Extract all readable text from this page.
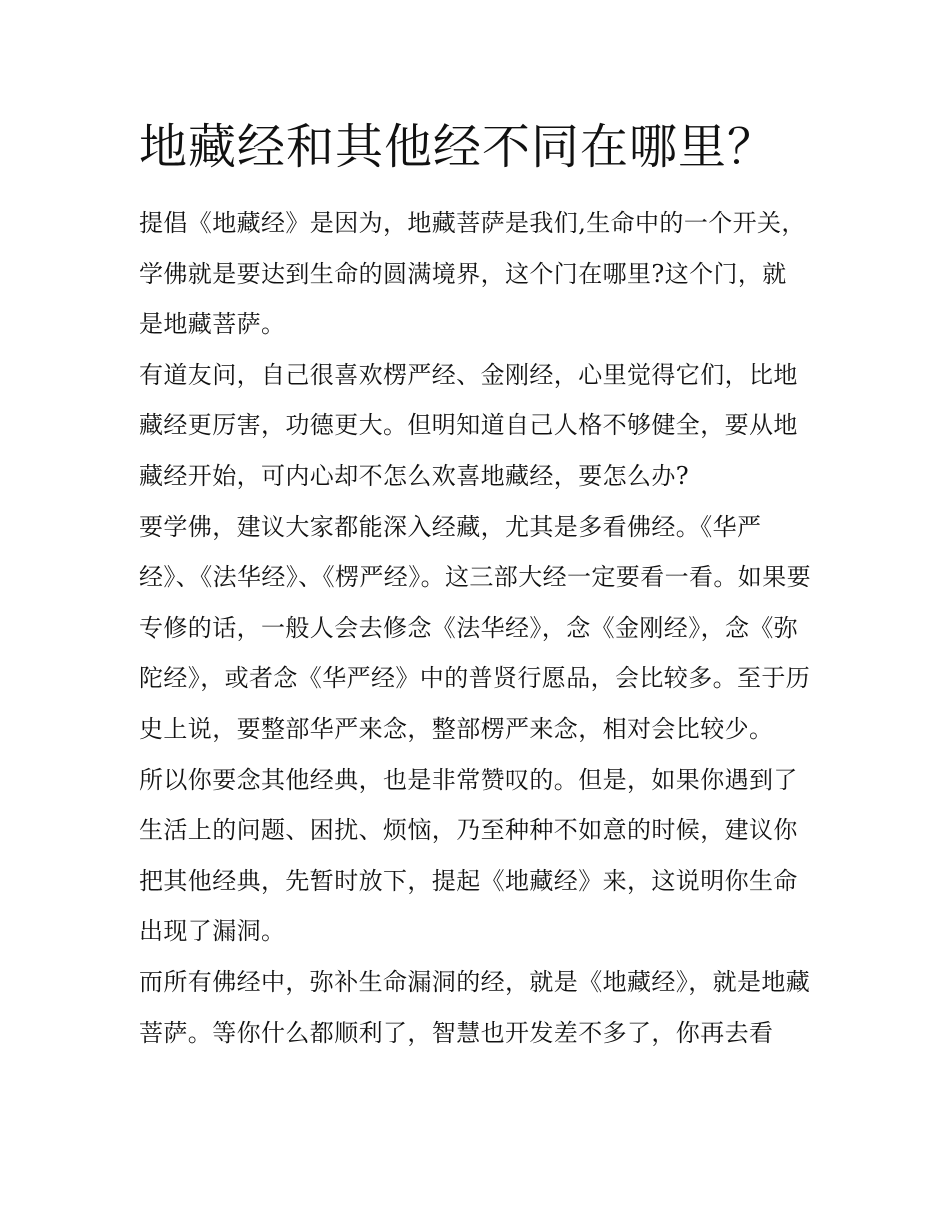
地藏经和其他经不同在哪里？

提倡《地藏经》是因为，地藏菩萨是我们,生命中的一个开关，学佛就是要达到生命的圆满境界，这个门在哪里?这个门，就是地藏菩萨。

有道友问，自己很喜欢楞严经、金刚经，心里觉得它们，比地藏经更厉害，功德更大。但明知道自己人格不够健全，要从地藏经开始，可内心却不怎么欢喜地藏经，要怎么办?

要学佛，建议大家都能深入经藏，尤其是多看佛经。《华严经》、《法华经》、《楞严经》。这三部大经一定要看一看。如果要专修的话，一般人会去修念《法华经》，念《金刚经》，念《弥陀经》，或者念《华严经》中的普贤行愿品，会比较多。至于历史上说，要整部华严来念，整部楞严来念，相对会比较少。

所以你要念其他经典，也是非常赞叹的。但是，如果你遇到了生活上的问题、困扰、烦恼，乃至种种不如意的时候，建议你把其他经典，先暂时放下，提起《地藏经》来，这说明你生命出现了漏洞。

而所有佛经中，弥补生命漏洞的经，就是《地藏经》，就是地藏菩萨。等你什么都顺利了，智慧也开发差不多了，你再去看
